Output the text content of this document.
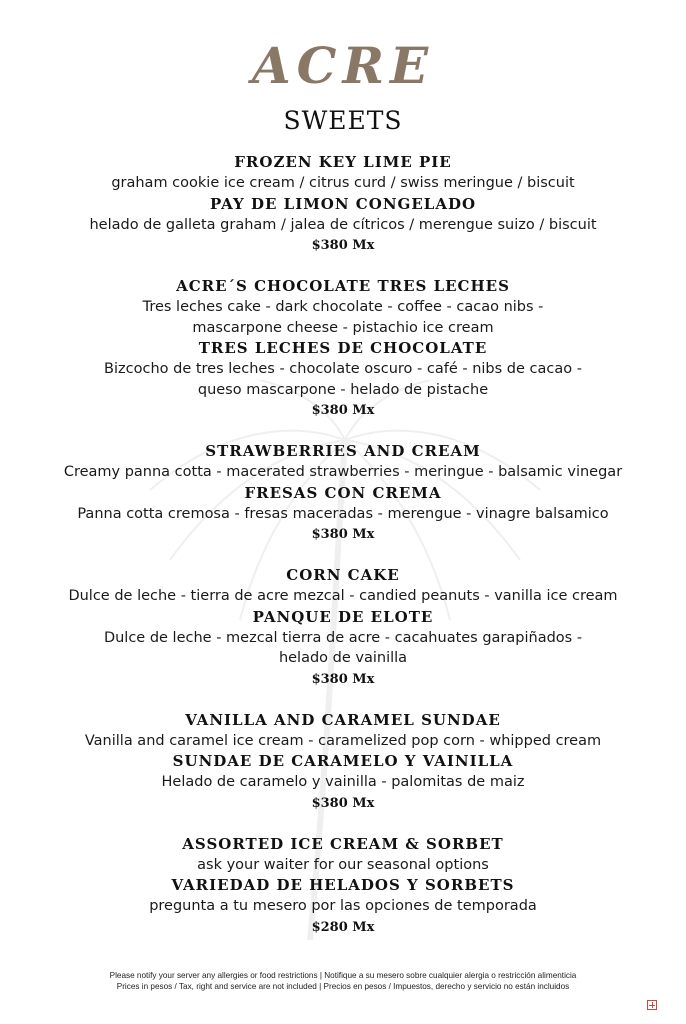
ACRE
SWEETS
FROZEN KEY LIME PIE
graham cookie ice cream / citrus curd / swiss meringue / biscuit
PAY DE LIMON CONGELADO
helado de galleta graham / jalea de cítricos / merengue suizo / biscuit
$380 Mx
ACRE´S CHOCOLATE TRES LECHES
Tres leches cake - dark chocolate - coffee - cacao nibs -
mascarpone cheese - pistachio ice cream
TRES LECHES DE CHOCOLATE
Bizcocho de tres leches - chocolate oscuro - café - nibs de cacao -
queso mascarpone - helado de pistache
$380 Mx
STRAWBERRIES AND CREAM
Creamy panna cotta - macerated strawberries - meringue - balsamic vinegar
FRESAS CON CREMA
Panna cotta cremosa - fresas maceradas - merengue - vinagre balsamico
$380 Mx
CORN CAKE
Dulce de leche - tierra de acre mezcal - candied peanuts - vanilla ice cream
PANQUE DE ELOTE
Dulce de leche - mezcal tierra de acre - cacahuates garapiñados -
helado de vainilla
$380 Mx
VANILLA AND CARAMEL SUNDAE
Vanilla and caramel ice cream - caramelized pop corn - whipped cream
SUNDAE DE CARAMELO Y VAINILLA
Helado de caramelo y vainilla - palomitas de maiz
$380 Mx
ASSORTED ICE CREAM & SORBET
ask your waiter for our seasonal options
VARIEDAD DE HELADOS Y SORBETS
pregunta a tu mesero por las opciones de temporada
$280 Mx
Please notify your server any allergies or food restrictions | Notifique a su mesero sobre cualquier alergia o restricción alimenticia
Prices in pesos / Tax, right and service are not included | Precios en pesos / Impuestos, derecho y servicio no están incluidos
